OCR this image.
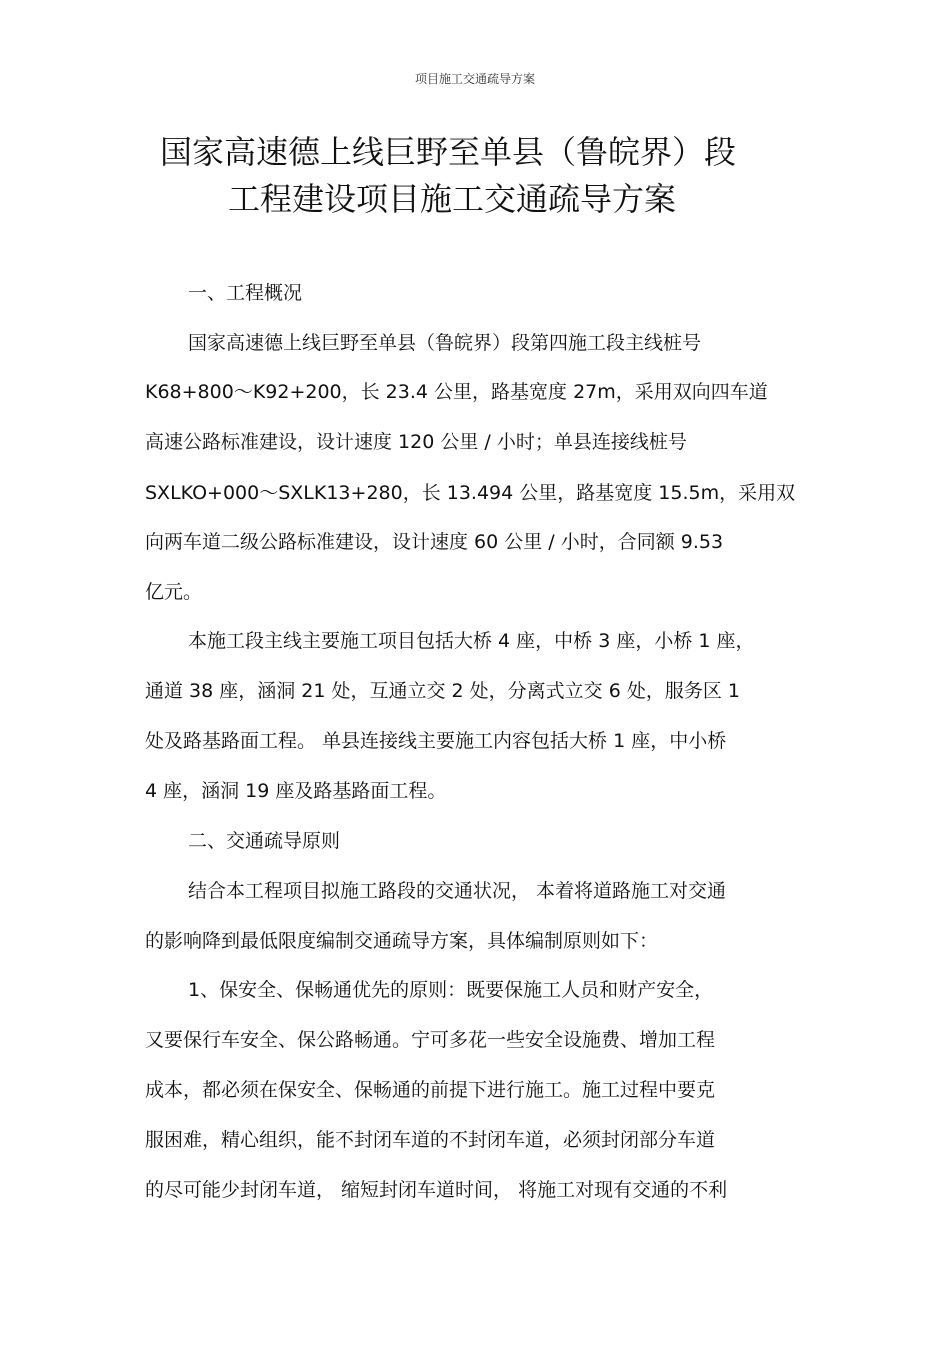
项目施工交通疏导方案
国家高速德上线巨野至单县（鲁皖界）段
工程建设项目施工交通疏导方案
一、工程概况
国家高速德上线巨野至单县（鲁皖界）段第四施工段主线桩号
K68+800～K92+200，长 23.4 公里，路基宽度 27m，采用双向四车道
高速公路标准建设，设计速度 120 公里 / 小时；单县连接线桩号
SXLKO+000～SXLK13+280，长 13.494 公里，路基宽度 15.5m，采用双
向两车道二级公路标准建设，设计速度 60 公里 / 小时，合同额 9.53
亿元。
本施工段主线主要施工项目包括大桥 4 座，中桥 3 座，小桥 1 座，
通道 38 座，涵洞 21 处，互通立交 2 处，分离式立交 6 处，服务区 1
处及路基路面工程。 单县连接线主要施工内容包括大桥 1 座，中小桥
4 座，涵洞 19 座及路基路面工程。
二、交通疏导原则
结合本工程项目拟施工路段的交通状况， 本着将道路施工对交通
的影响降到最低限度编制交通疏导方案，具体编制原则如下：
1、保安全、保畅通优先的原则：既要保施工人员和财产安全，
又要保行车安全、保公路畅通。宁可多花一些安全设施费、增加工程
成本，都必须在保安全、保畅通的前提下进行施工。施工过程中要克
服困难，精心组织，能不封闭车道的不封闭车道，必须封闭部分车道
的尽可能少封闭车道， 缩短封闭车道时间， 将施工对现有交通的不利
